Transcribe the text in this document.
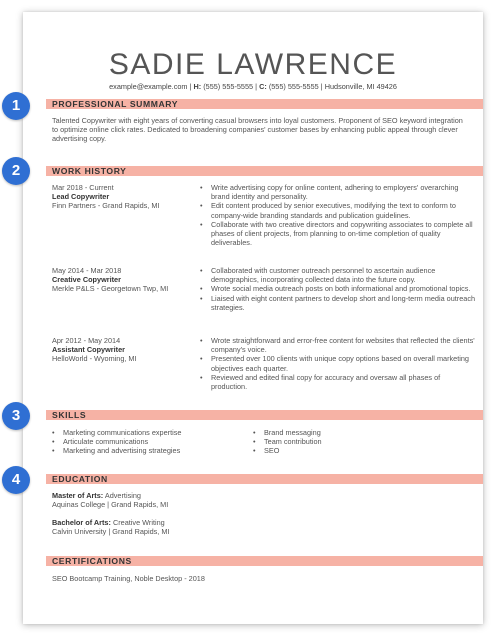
SADIE LAWRENCE
example@example.com | H: (555) 555-5555 | C: (555) 555-5555 | Hudsonville, MI 49426
PROFESSIONAL SUMMARY
Talented Copywriter with eight years of converting casual browsers into loyal customers. Proponent of SEO keyword integration to optimize online click rates. Dedicated to broadening companies' customer bases by enhancing public appeal through clever advertising copy.
WORK HISTORY
Mar 2018 - Current
Lead Copywriter
Finn Partners - Grand Rapids, MI
• Write advertising copy for online content, adhering to employers' overarching brand identity and personality.
• Edit content produced by senior executives, modifying the text to conform to company-wide branding standards and publication guidelines.
• Collaborate with two creative directors and copywriting associates to complete all phases of client projects, from planning to on-time completion of quality deliverables.
May 2014 - Mar 2018
Creative Copywriter
Merkle P&LS - Georgetown Twp, MI
• Collaborated with customer outreach personnel to ascertain audience demographics, incorporating collected data into the future copy.
• Wrote social media outreach posts on both informational and promotional topics.
• Liaised with eight content partners to develop short and long-term media outreach strategies.
Apr 2012 - May 2014
Assistant Copywriter
HelloWorld - Wyoming, MI
• Wrote straightforward and error-free content for websites that reflected the clients' company's voice.
• Presented over 100 clients with unique copy options based on overall marketing objectives each quarter.
• Reviewed and edited final copy for accuracy and oversaw all phases of production.
SKILLS
• Marketing communications expertise
• Articulate communications
• Marketing and advertising strategies
• Brand messaging
• Team contribution
• SEO
EDUCATION
Master of Arts: Advertising
Aquinas College | Grand Rapids, MI
Bachelor of Arts: Creative Writing
Calvin University | Grand Rapids, MI
CERTIFICATIONS
SEO Bootcamp Training, Noble Desktop - 2018
1
2
3
4
